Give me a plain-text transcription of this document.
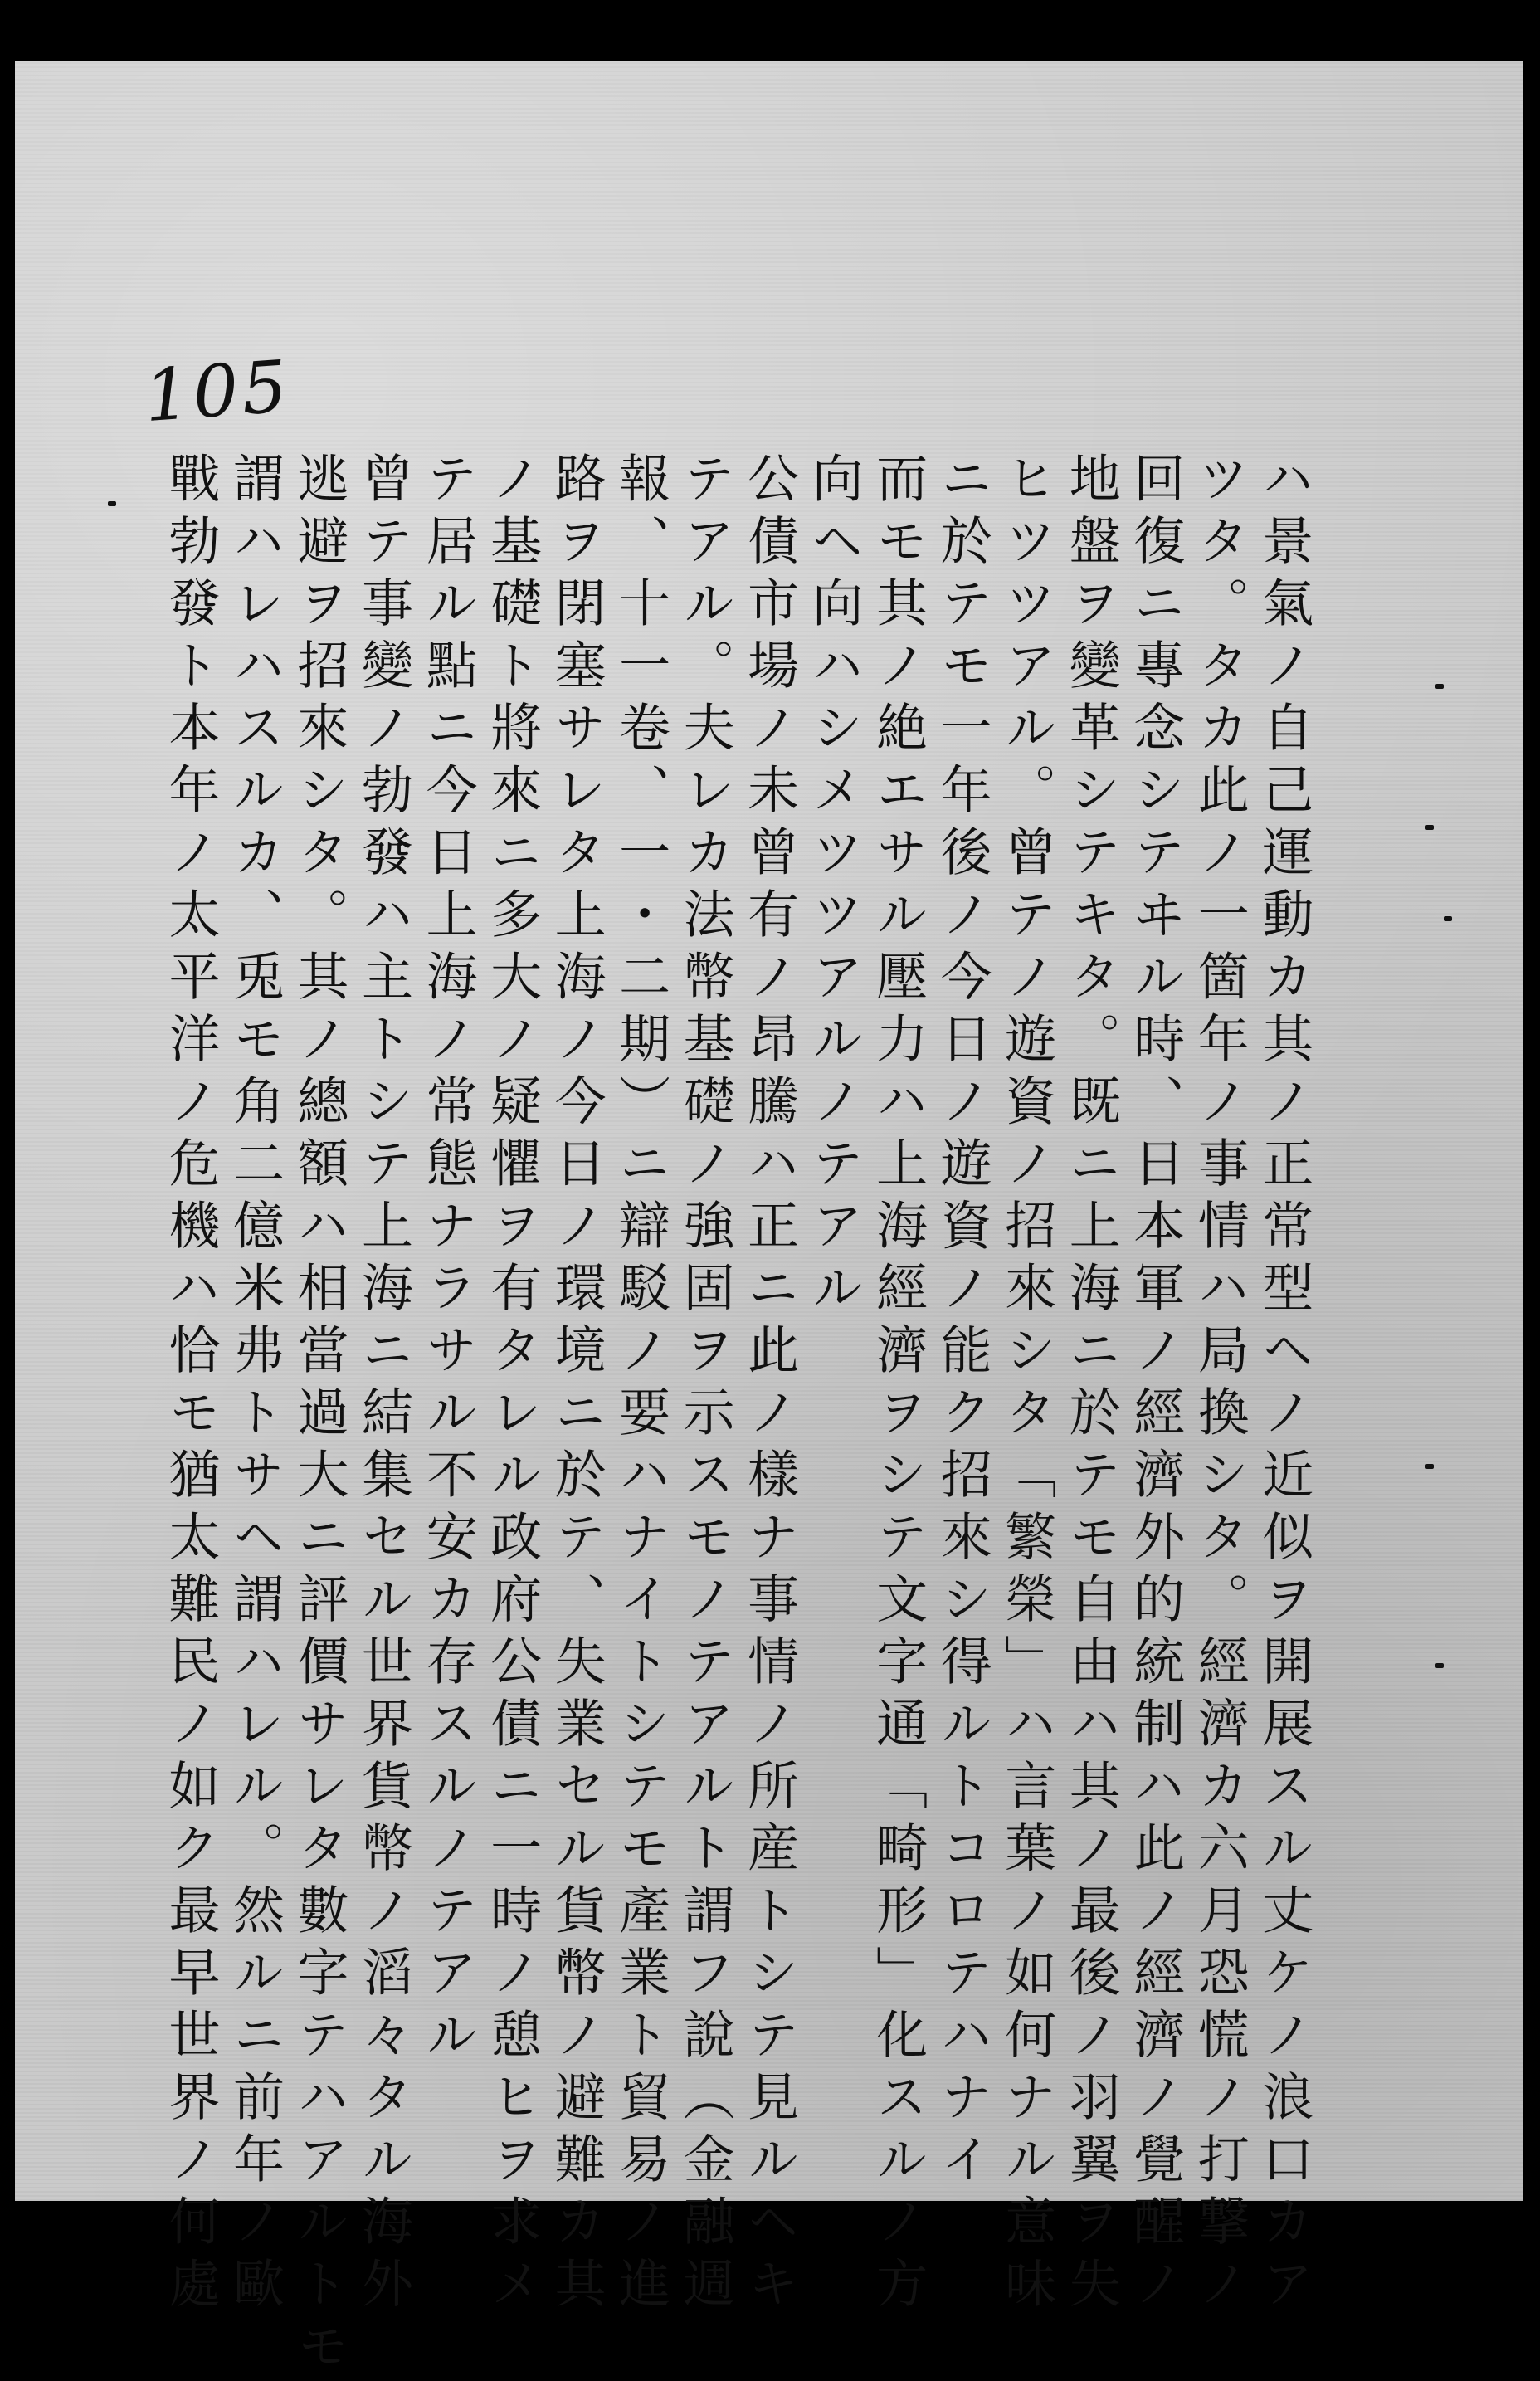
105
ハ景氣ノ自己運動カ其ノ正常型ヘノ近似ヲ開展スル丈ケノ浪口カア
ツタ。タカ此ノ一箇年ノ事情ハ局換シタ。經濟カ六月恐慌ノ打撃ノ
回復ニ專念シテヰル時、日本軍ノ經濟外的統制ハ此ノ經濟ノ覺醒ノ
地盤ヲ變革シテキタ。既ニ上海ニ於テモ自由ハ其ノ最後ノ羽翼ヲ失
ヒツツアル。曾テノ遊資ノ招來シタ「繁榮」ハ言葉ノ如何ナル意味
ニ於テモ一年後ノ今日ノ遊資ノ能ク招來シ得ルトコロテハナイ
而モ其ノ絶エサル壓力ハ上海經濟ヲシテ文字通「畸形」化スルノ方
向ヘ向ハシメツツアルノテアル
公債市場ノ未曾有ノ昂騰ハ正ニ此ノ樣ナ事情ノ所産トシテ見ルヘキ
テアル。夫レカ法幣基礎ノ強固ヲ示スモノテアルト謂フ說（金融週
報、十一卷、一・二期）ニ辯駁ノ要ハナイトシテモ產業ト貿易ノ進
路ヲ閉塞サレタ上海ノ今日ノ環境ニ於テ、失業セル貨幣ノ避難カ其
ノ基礎ト將來ニ多大ノ疑懼ヲ有タレル政府公債ニ一時ノ憩ヒヲ求メ
テ居ル點ニ今日上海ノ常態ナラサル不安カ存スルノテアル
曾テ事變ノ勃發ハ主トシテ上海ニ結集セル世界貨幣ノ滔々タル海外
逃避ヲ招來シタ。其ノ總額ハ相當過大ニ評價サレタ數字テハアルトモ
謂ハレハスルカ、兎モ角二億米弗トサヘ謂ハレル。然ルニ前年ノ歐
戰勃發ト本年ノ太平洋ノ危機ハ恰モ猶太難民ノ如ク最早世界ノ何處
